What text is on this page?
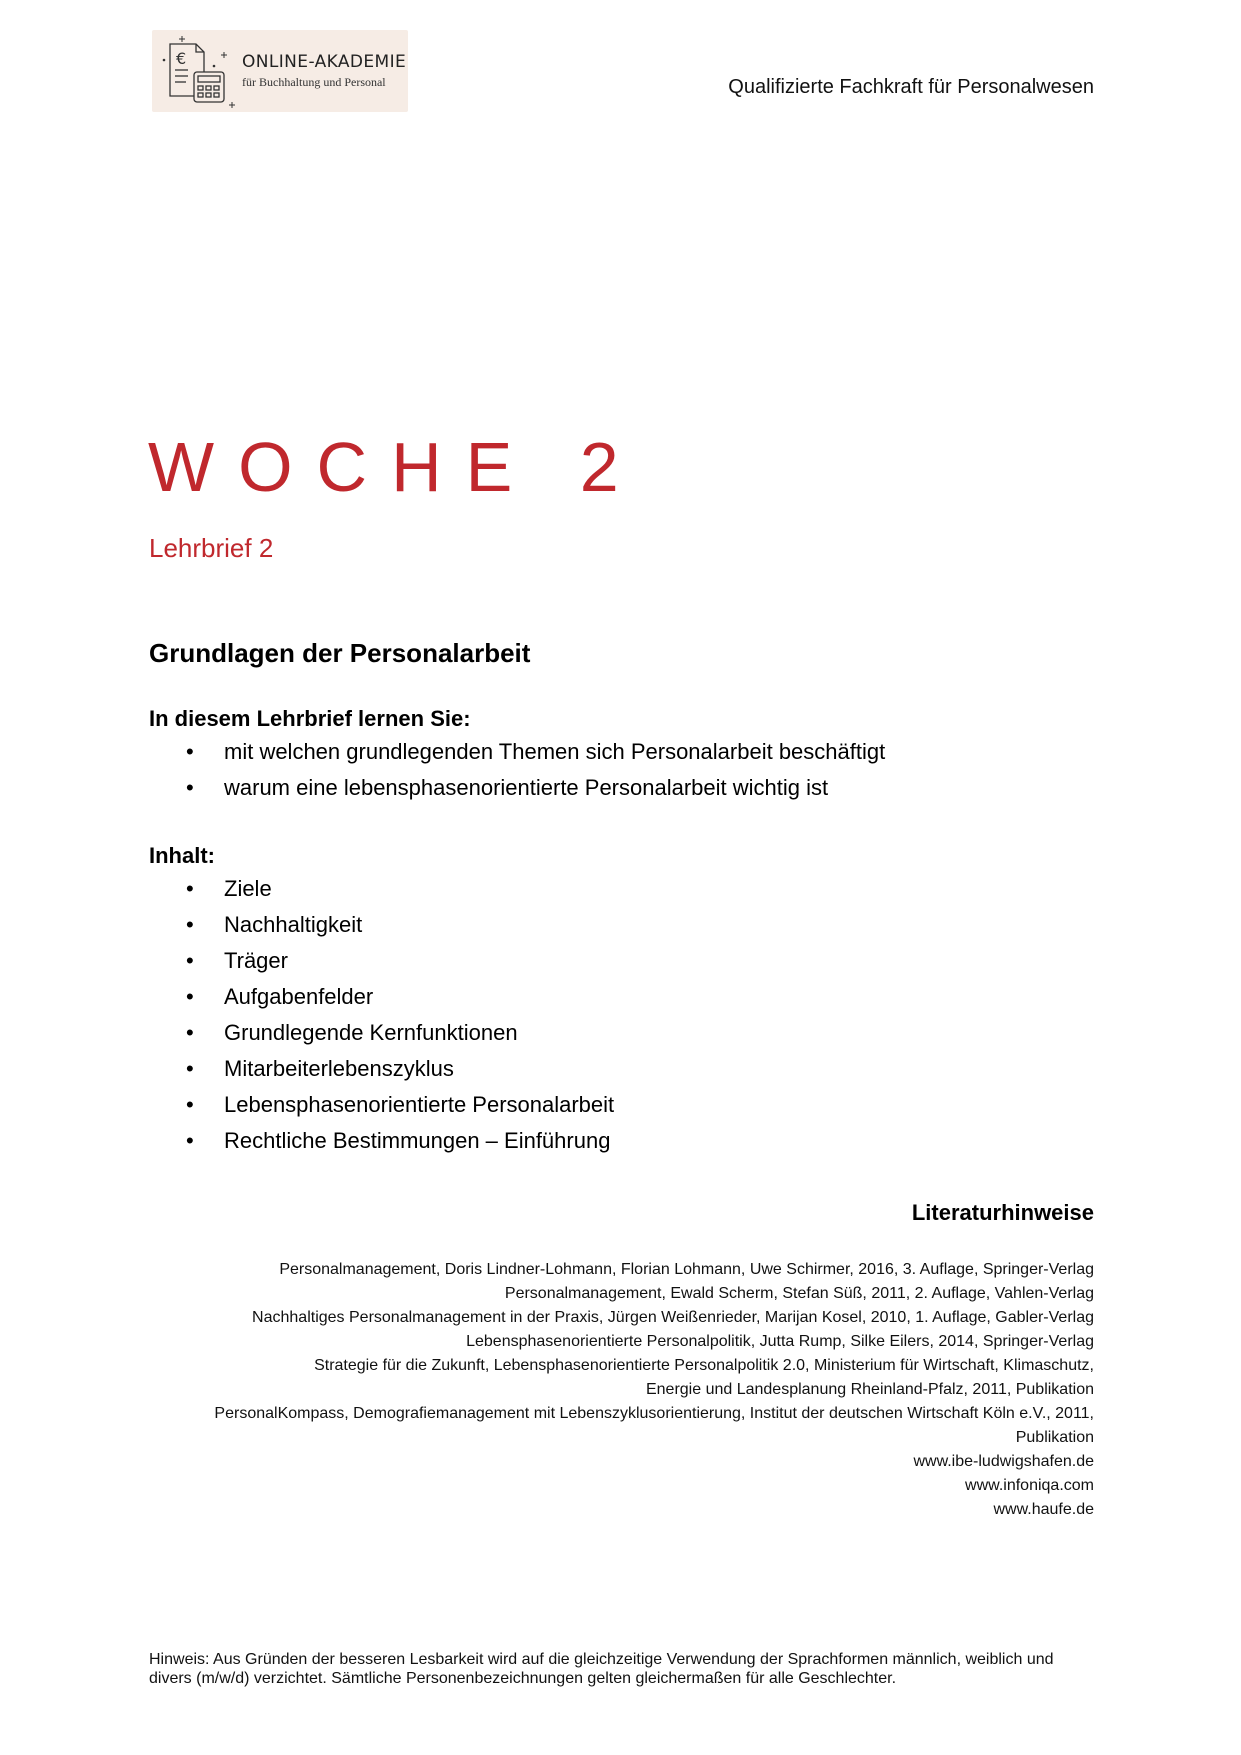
€	ONLINE-AKADEMIE
für Buchhaltung und Personal	Qualifizierte Fachkraft für Personalwesen
WOCHE 2
Lehrbrief 2
Grundlagen der Personalarbeit
In diesem Lehrbrief lernen Sie:
•	mit welchen grundlegenden Themen sich Personalarbeit beschäftigt
•	warum eine lebensphasenorientierte Personalarbeit wichtig ist
Inhalt:
•	Ziele
•	Nachhaltigkeit
•	Träger
•	Aufgabenfelder
•	Grundlegende Kernfunktionen
•	Mitarbeiterlebenszyklus
•	Lebensphasenorientierte Personalarbeit
•	Rechtliche Bestimmungen – Einführung
Literaturhinweise
Personalmanagement, Doris Lindner-Lohmann, Florian Lohmann, Uwe Schirmer, 2016, 3. Auflage, Springer-Verlag
Personalmanagement, Ewald Scherm, Stefan Süß, 2011, 2. Auflage, Vahlen-Verlag
Nachhaltiges Personalmanagement in der Praxis, Jürgen Weißenrieder, Marijan Kosel, 2010, 1. Auflage, Gabler-Verlag
Lebensphasenorientierte Personalpolitik, Jutta Rump, Silke Eilers, 2014, Springer-Verlag
Strategie für die Zukunft, Lebensphasenorientierte Personalpolitik 2.0, Ministerium für Wirtschaft, Klimaschutz,
Energie und Landesplanung Rheinland-Pfalz, 2011, Publikation
PersonalKompass, Demografiemanagement mit Lebenszyklusorientierung, Institut der deutschen Wirtschaft Köln e.V., 2011,
Publikation
www.ibe-ludwigshafen.de
www.infoniqa.com
www.haufe.de
Hinweis: Aus Gründen der besseren Lesbarkeit wird auf die gleichzeitige Verwendung der Sprachformen männlich, weiblich und divers (m/w/d) verzichtet. Sämtliche Personenbezeichnungen gelten gleichermaßen für alle Geschlechter.
